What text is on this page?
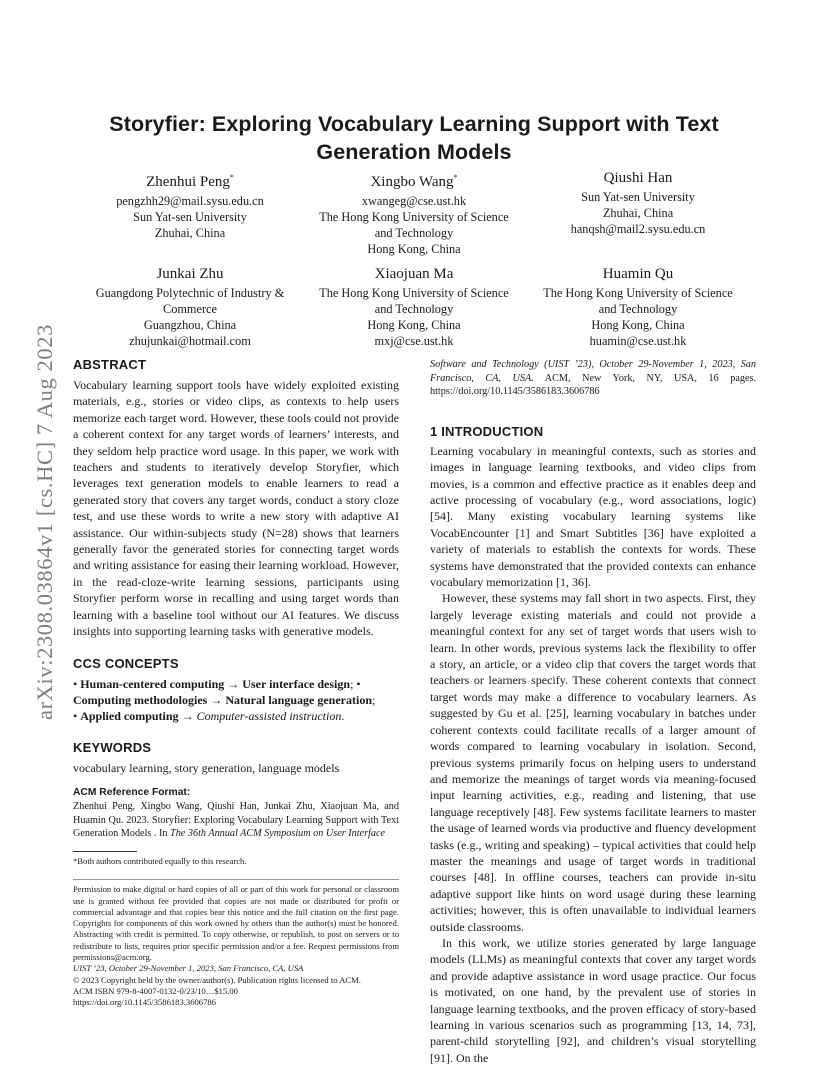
Storyfier: Exploring Vocabulary Learning Support with Text
Generation Models
Zhenhui Peng*
pengzhh29@mail.sysu.edu.cn
Sun Yat-sen University
Zhuhai, China
Xingbo Wang*
xwangeg@cse.ust.hk
The Hong Kong University of Science
and Technology
Hong Kong, China
Qiushi Han
Sun Yat-sen University
Zhuhai, China
hanqsh@mail2.sysu.edu.cn
Junkai Zhu
Guangdong Polytechnic of Industry &
Commerce
Guangzhou, China
zhujunkai@hotmail.com
Xiaojuan Ma
The Hong Kong University of Science
and Technology
Hong Kong, China
mxj@cse.ust.hk
Huamin Qu
The Hong Kong University of Science
and Technology
Hong Kong, China
huamin@cse.ust.hk
arXiv:2308.03864v1 [cs.HC] 7 Aug 2023 ABSTRACT

Vocabulary learning support tools have widely exploited existing materials, e.g., stories or video clips, as contexts to help users memorize each target word. However, these tools could not provide a coherent context for any target words of learners’ interests, and they seldom help practice word usage. In this paper, we work with teachers and students to iteratively develop Storyfier, which leverages text generation models to enable learners to read a generated story that covers any target words, conduct a story cloze test, and use these words to write a new story with adaptive AI assistance. Our within-subjects study (N=28) shows that learners generally favor the generated stories for connecting target words and writing assistance for easing their learning workload. However, in the read-cloze-write learning sessions, participants using Storyfier perform worse in recalling and using target words than learning with a baseline tool without our AI features. We discuss insights into supporting learning tasks with generative models.

CCS CONCEPTS
• Human-centered computing → User interface design; •
Computing methodologies → Natural language generation;
• Applied computing → Computer-assisted instruction.
KEYWORDS

vocabulary learning, story generation, language models

ACM Reference Format:
Zhenhui Peng, Xingbo Wang, Qiushi Han, Junkai Zhu, Xiaojuan Ma, and Huamin Qu. 2023. Storyfier: Exploring Vocabulary Learning Support with Text Generation Models . In The 36th Annual ACM Symposium on User Interface
*Both authors contributed equally to this research.
Permission to make digital or hard copies of all or part of this work for personal or classroom use is granted without fee provided that copies are not made or distributed for profit or commercial advantage and that copies bear this notice and the full citation on the first page. Copyrights for components of this work owned by others than the author(s) must be honored. Abstracting with credit is permitted. To copy otherwise, or republish, to post on servers or to redistribute to lists, requires prior specific permission and/or a fee. Request permissions from permissions@acm.org.
UIST ’23, October 29-November 1, 2023, San Francisco, CA, USA
© 2023 Copyright held by the owner/author(s). Publication rights licensed to ACM.
ACM ISBN 979-8-4007-0132-0/23/10…$15.00
https://doi.org/10.1145/3586183.3606786
Software and Technology (UIST ’23), October 29-November 1, 2023, San Francisco, CA, USA. ACM, New York, NY, USA, 16 pages. https://doi.org/10.1145/3586183.3606786
1 INTRODUCTION

Learning vocabulary in meaningful contexts, such as stories and images in language learning textbooks, and video clips from movies, is a common and effective practice as it enables deep and active processing of vocabulary (e.g., word associations, logic) [54]. Many existing vocabulary learning systems like VocabEncounter [1] and Smart Subtitles [36] have exploited a variety of materials to establish the contexts for words. These systems have demonstrated that the provided contexts can enhance vocabulary memorization [1, 36].

However, these systems may fall short in two aspects. First, they largely leverage existing materials and could not provide a meaningful context for any set of target words that users wish to learn. In other words, previous systems lack the flexibility to offer a story, an article, or a video clip that covers the target words that teachers or learners specify. These coherent contexts that connect target words may make a difference to vocabulary learners. As suggested by Gu et al. [25], learning vocabulary in batches under coherent contexts could facilitate recalls of a larger amount of words compared to learning vocabulary in isolation. Second, previous systems primarily focus on helping users to understand and memorize the meanings of target words via meaning-focused input learning activities, e.g., reading and listening, that use language receptively [48]. Few systems facilitate learners to master the usage of learned words via productive and fluency development tasks (e.g., writing and speaking) – typical activities that could help master the meanings and usage of target words in traditional courses [48]. In offline courses, teachers can provide in-situ adaptive support like hints on word usage during these learning activities; however, this is often unavailable to individual learners outside classrooms.

In this work, we utilize stories generated by large language models (LLMs) as meaningful contexts that cover any target words and provide adaptive assistance in word usage practice. Our focus is motivated, on one hand, by the prevalent use of stories in language learning textbooks, and the proven efficacy of story-based learning in various scenarios such as programming [13, 14, 73], parent-child storytelling [92], and children’s visual storytelling [91]. On the
